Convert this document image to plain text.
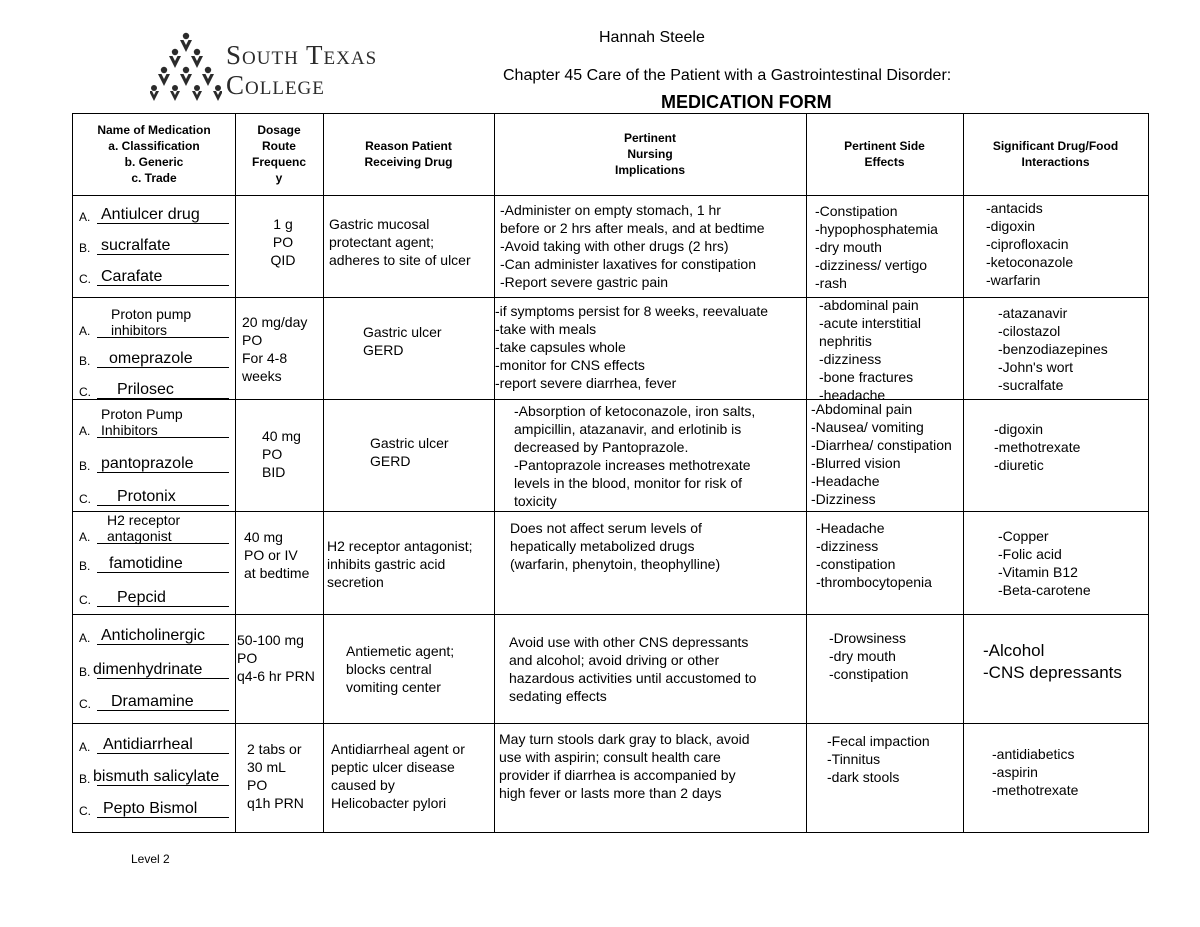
South Texas
College
Hannah Steele
Chapter 45 Care of the Patient with a Gastrointestinal Disorder:
MEDICATION FORM
Name of Medication
a. Classification
b. Generic
c. Trade
Dosage
Route
Frequenc
y
Reason Patient
Receiving Drug
Pertinent
Nursing
Implications
Pertinent Side
Effects
Significant Drug/Food
Interactions
A. Antiulcer drug
B. sucralfate
C. Carafate
1 g
PO
QID
Gastric mucosal
protectant agent;
adheres to site of ulcer
-Administer on empty stomach, 1 hr
before or 2 hrs after meals, and at bedtime
-Avoid taking with other drugs (2 hrs)
-Can administer laxatives for constipation
-Report severe gastric pain
-Constipation
-hypophosphatemia
-dry mouth
-dizziness/ vertigo
-rash
-antacids
-digoxin
-ciprofloxacin
-ketoconazole
-warfarin
A.
Proton pump
inhibitors
B. omeprazole
C. Prilosec
20 mg/day
PO
For 4-8
weeks
Gastric ulcer
GERD
-if symptoms persist for 8 weeks, reevaluate
-take with meals
-take capsules whole
-monitor for CNS effects
-report severe diarrhea, fever
-abdominal pain
-acute interstitial
nephritis
-dizziness
-bone fractures
-headache
-atazanavir
-cilostazol
-benzodiazepines
-John's wort
-sucralfate
A.
Proton Pump
Inhibitors
B. pantoprazole
C. Protonix
40 mg
PO
BID
Gastric ulcer
GERD
-Absorption of ketoconazole, iron salts,
ampicillin, atazanavir, and erlotinib is
decreased by Pantoprazole.
-Pantoprazole increases methotrexate
levels in the blood, monitor for risk of
toxicity
-Abdominal pain
-Nausea/ vomiting
-Diarrhea/ constipation
-Blurred vision
-Headache
-Dizziness
-digoxin
-methotrexate
-diuretic
A.
H2 receptor
antagonist
B. famotidine
C. Pepcid
40 mg
PO or IV
at bedtime
H2 receptor antagonist;
inhibits gastric acid
secretion
Does not affect serum levels of
hepatically metabolized drugs
(warfarin, phenytoin, theophylline)
-Headache
-dizziness
-constipation
-thrombocytopenia
-Copper
-Folic acid
-Vitamin B12
-Beta-carotene
A. Anticholinergic
B. dimenhydrinate
C. Dramamine
50-100 mg
PO
q4-6 hr PRN
Antiemetic agent;
blocks central
vomiting center
Avoid use with other CNS depressants
and alcohol; avoid driving or other
hazardous activities until accustomed to
sedating effects
-Drowsiness
-dry mouth
-constipation
-Alcohol
-CNS depressants
A. Antidiarrheal
B. bismuth salicylate
C. Pepto Bismol
2 tabs or
30 mL
PO
q1h PRN
Antidiarrheal agent or
peptic ulcer disease
caused by
Helicobacter pylori
May turn stools dark gray to black, avoid
use with aspirin; consult health care
provider if diarrhea is accompanied by
high fever or lasts more than 2 days
-Fecal impaction
-Tinnitus
-dark stools
-antidiabetics
-aspirin
-methotrexate
Level 2
